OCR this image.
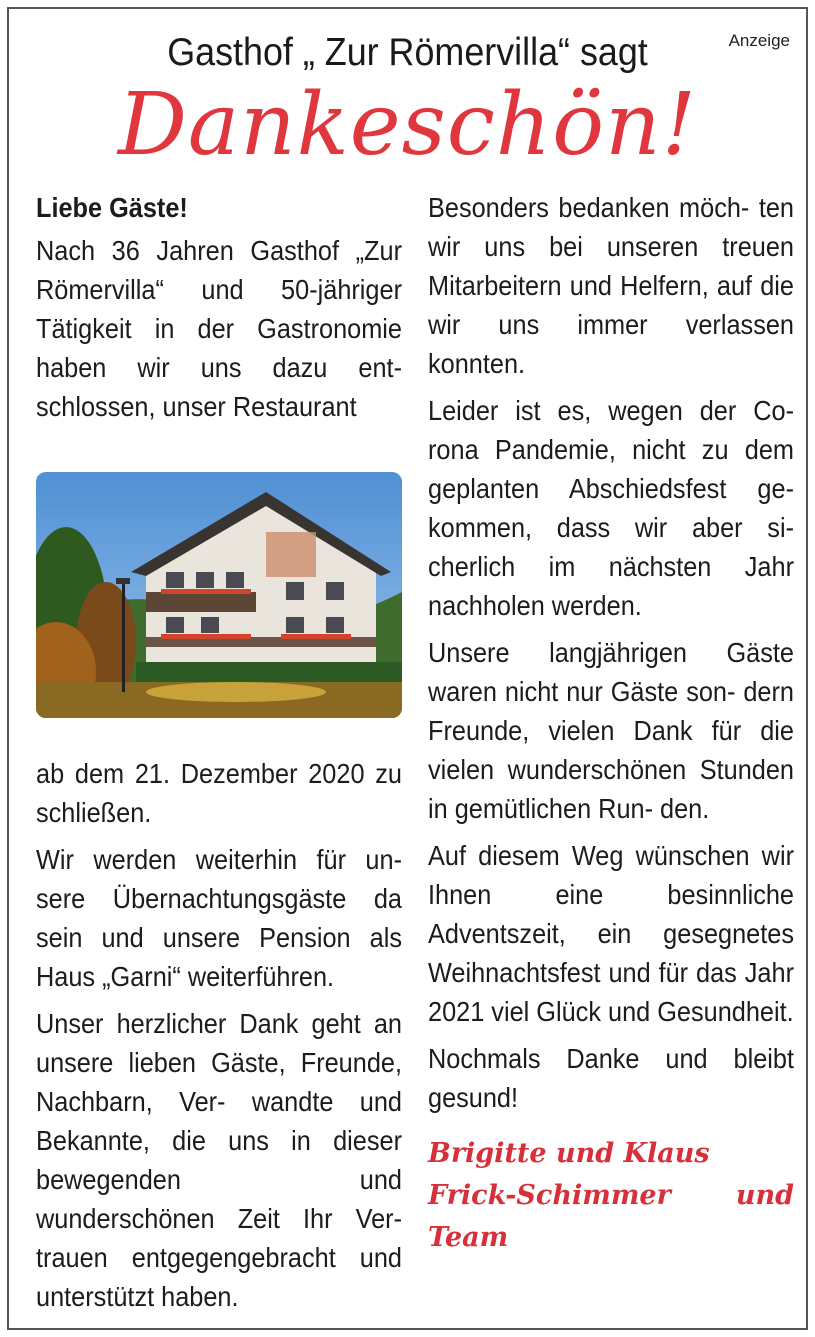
Anzeige
Gasthof „ Zur Römervilla“ sagt
Dankeschön!

Liebe Gäste!

Nach 36 Jahren Gasthof „Zur Römervilla“ und 50-jähriger Tätigkeit in der Gastronomie haben wir uns dazu ent- schlossen, unser Restaurant

ab dem 21. Dezember 2020 zu schließen.

Wir werden weiterhin für un- sere Übernachtungsgäste da sein und unsere Pension als Haus „Garni“ weiterführen.

Unser herzlicher Dank geht an unsere lieben Gäste, Freunde, Nachbarn, Ver- wandte und Bekannte, die uns in dieser bewegenden und wunderschönen Zeit Ihr Ver- trauen entgegengebracht und unterstützt haben.

Besonders bedanken möch- ten wir uns bei unseren treuen Mitarbeitern und Helfern, auf die wir uns immer verlassen konnten.

Leider ist es, wegen der Co- rona Pandemie, nicht zu dem geplanten Abschiedsfest ge- kommen, dass wir aber si- cherlich im nächsten Jahr nachholen werden.

Unsere langjährigen Gäste waren nicht nur Gäste son- dern Freunde, vielen Dank für die vielen wunderschönen Stunden in gemütlichen Run- den.

Auf diesem Weg wünschen wir Ihnen eine besinnliche Adventszeit, ein gesegnetes Weihnachtsfest und für das Jahr 2021 viel Glück und Gesundheit.

Nochmals Danke und bleibt gesund!

Brigitte und Klaus
Frick-Schimmer und Team
